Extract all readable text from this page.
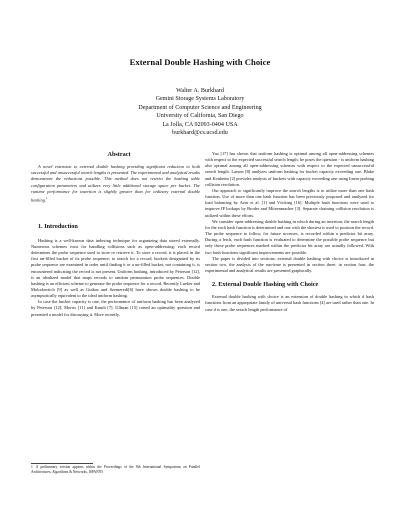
External Double Hashing with Choice
Walter A. Burkhard
Gemini Storage Systems Laboratory
Department of Computer Science and Engineering
University of California, San Diego
La Jolla, CA 92093-0404 USA
burkhard@cs.ucsd.edu

Abstract

A novel extension to external double hashing providing significant reduction to both successful and unsuccessful search lengths is presented. The experimental and analytical results demonstrate the reductions possible. This method does not restrict the hashing table configuration parameters and utilizes very little additional storage space per bucket. The runtime performance for insertion is slightly greater than for ordinary external double hashing.$^1$

1. Introduction

Hashing is a well-known data indexing technique for organizing data stored externally. Numerous schemes exist for handling collisions such as open-addressing; each record determines the probe sequence used to store or retrieve it. To store a record, it is placed in the first un-filled bucket of its probe sequence; to search for a record, buckets designated by its probe sequence are examined in order until finding it or a un-filled bucket, not containing it, is encountered indicating the record is not present. Uniform hashing, introduced by Peterson [12], is an idealized model that maps records to random permutation probe sequences. Double hashing is an efficient scheme to generate the probe sequence for a record. Recently Lueker and Molodowitch [9] as well as Guibas and Szemeredi[6] have shown double hashing to be asymptotically equivalent to the ideal uniform hashing.

In case the bucket capacity is one, the performance of uniform hashing has been analyzed by Peterson [12], Morris [11] and Knuth [7]. Ullman [15] raised an optimality question and presented a model for discussing it. More recently,

1 A preliminary version appears within the Proceedings of the 8th International Symposium on Parallel Architectures, Algorithms & Networks, ISPAN'05

Yao [17] has shown that uniform hashing is optimal among all open-addressing schemes with respect to the expected successful search length; he poses the question - is uniform hashing also optimal among all open-addressing schemes with respect to the expected unsuccessful search length. Larson [8] analyzes uniform hashing for bucket capacity exceeding one. Blake and Konheim [2] provides analysis of buckets with capacity exceeding one using linear probing collision resolution.

Our approach to significantly improve the search lengths is to utilize more than one hash function. Use of more than one hash function has been previously proposed and analyzed for load balancing by Azar et al. [1] and Vöcking [16]. Multiple hash functions were used to improve IP lookups by Broder and Mitzenmacher [3]. Separate chaining collision resolution is utilized within these efforts.

We consider open-addressing double hashing in which during an insertion, the search length for the each hash function is determined and one with the shortest is used to position the record. The probe sequence to follow, for future accesses, is recorded within a predictor bit array. During a fetch, each hash function is evaluated to determine the possible probe sequence but only those probe sequences marked within the predictor bit array are actually followed. With two hash functions significant improvements are possible.

The paper is divided into sections; external double hashing with choice is introduced in section two, the analysis of the run-time is presented in section three, in section four, the experimental and analytical results are presented graphically.

2. External Double Hashing with Choice

External double hashing with choice is an extension of double hashing in which d hash functions from an appropriate family of universal hash functions [4] are used rather than one. In case d is one, the search length performance of
